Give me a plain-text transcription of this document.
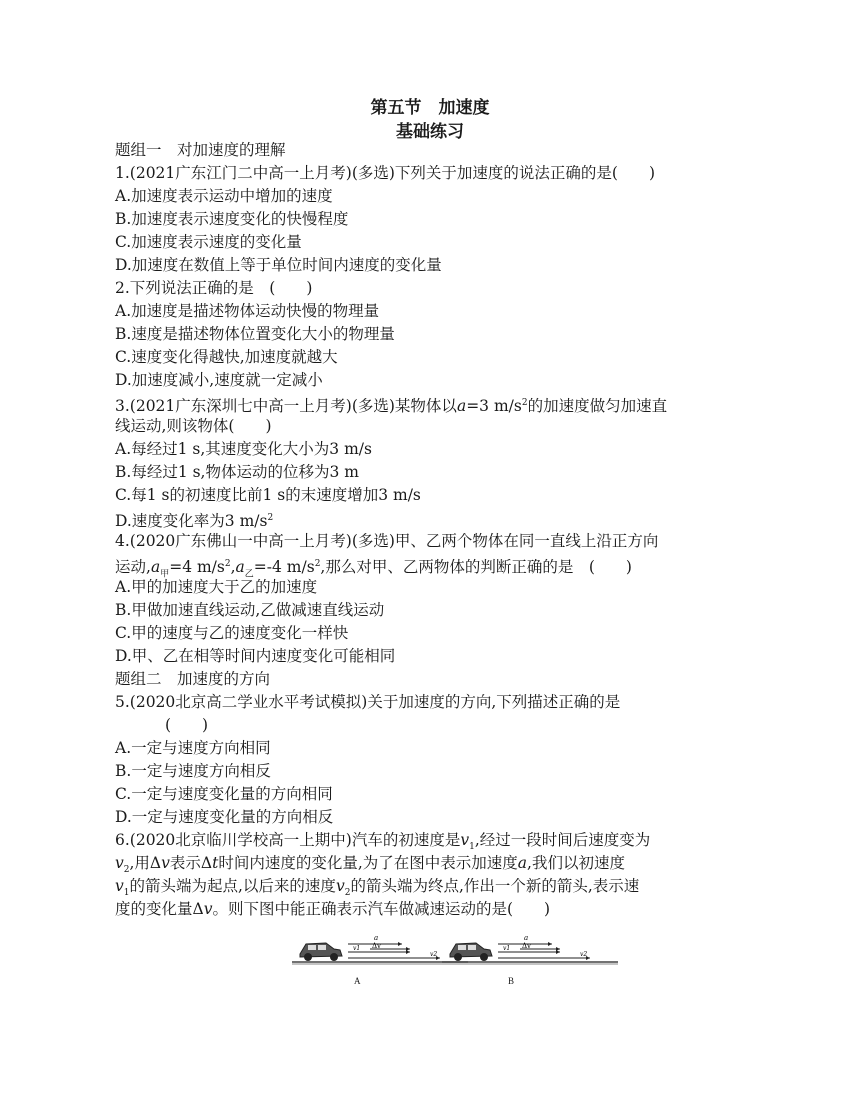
第五节　加速度
基础练习
题组一　对加速度的理解
1.(2021广东江门二中高一上月考)(多选)下列关于加速度的说法正确的是(　　)
A.加速度表示运动中增加的速度
B.加速度表示速度变化的快慢程度
C.加速度表示速度的变化量
D.加速度在数值上等于单位时间内速度的变化量
2.下列说法正确的是　(　　)
A.加速度是描述物体运动快慢的物理量
B.速度是描述物体位置变化大小的物理量
C.速度变化得越快,加速度就越大
D.加速度减小,速度就一定减小
3.(2021广东深圳七中高一上月考)(多选)某物体以a=3 $m/s^2$的加速度做匀加速直
线运动,则该物体(　　)
A.每经过1 s,其速度变化大小为3 m/s
B.每经过1 s,物体运动的位移为3 m
C.每1 s的初速度比前1 s的末速度增加3 m/s
D.速度变化率为3 $m/s^2$
4.(2020广东佛山一中高一上月考)(多选)甲、乙两个物体在同一直线上沿正方向
运动$,a_甲=4$ $m/s^2,a_乙=-4$ $m/s^2$,那么对甲、乙两物体的判断正确的是　(　　)
A.甲的加速度大于乙的加速度
B.甲做加速直线运动,乙做减速直线运动
C.甲的速度与乙的速度变化一样快
D.甲、乙在相等时间内速度变化可能相同
题组二　加速度的方向
5.(2020北京高二学业水平考试模拟)关于加速度的方向,下列描述正确的是
(　　)
A.一定与速度方向相同
B.一定与速度方向相反
C.一定与速度变化量的方向相同
D.一定与速度变化量的方向相反
6.(2020北京临川学校高一上期中)汽车的初速度是$v_1$,经过一段时间后速度变为
$v_2$,用Δv表示Δt时间内速度的变化量,为了在图中表示加速度a,我们以初速度
$v_1$的箭头端为起点,以后来的速度$v_2$的箭头端为终点,作出一个新的箭头,表示速
度的变化量Δv。则下图中能正确表示汽车做减速运动的是(　　)
a
Δv
v1
v2
A
a
Δv
v1
v2
B
